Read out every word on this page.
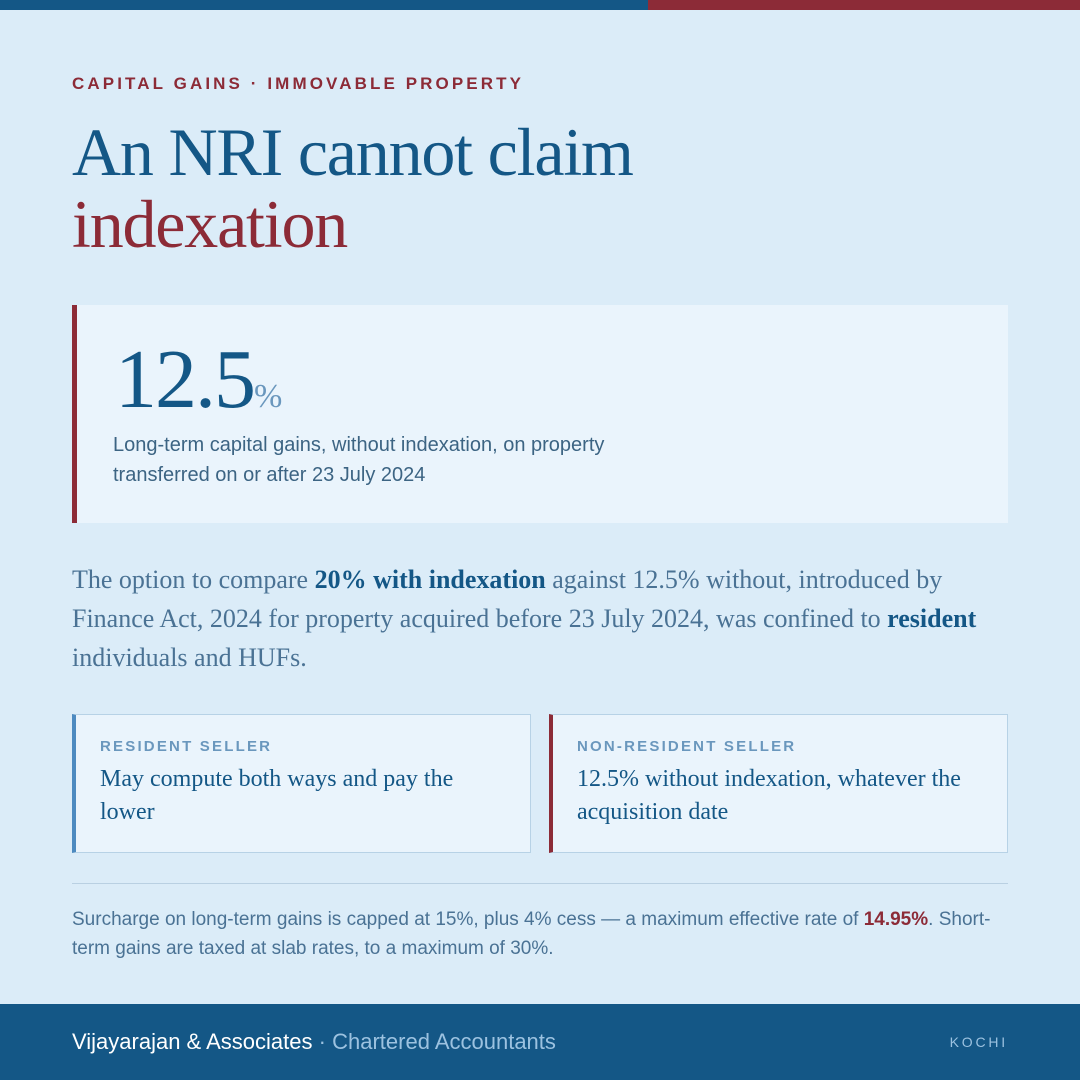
CAPITAL GAINS · IMMOVABLE PROPERTY
An NRI cannot claim
indexation
12.5%
Long-term capital gains, without indexation, on property transferred on or after 23 July 2024

The option to compare 20% with indexation against 12.5% without, introduced by Finance Act, 2024 for property acquired before 23 July 2024, was confined to resident individuals and HUFs.

RESIDENT SELLER
May compute both ways and pay the lower
NON-RESIDENT SELLER
12.5% without indexation, whatever the acquisition date

Surcharge on long-term gains is capped at 15%, plus 4% cess — a maximum effective rate of 14.95%. Short-term gains are taxed at slab rates, to a maximum of 30%.

Vijayarajan & Associates · Chartered Accountants	KOCHI
